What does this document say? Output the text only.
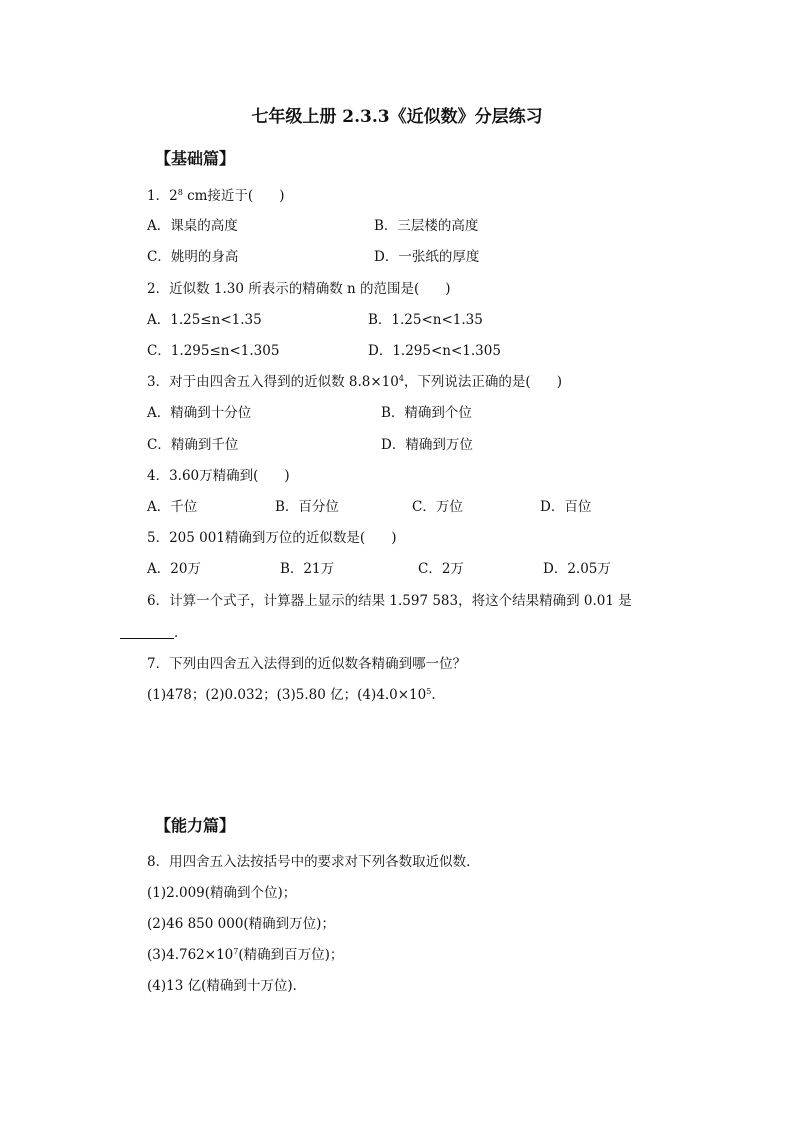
七年级上册 2.3.3《近似数》分层练习
【基础篇】
1．$2^8$ cm接近于( )
A．课桌的高度	B．三层楼的高度
C．姚明的身高	D．一张纸的厚度
2．近似数 1.30 所表示的精确数 n 的范围是( )
A．1.25≤n<1.35	B．1.25<n<1.35
C．1.295≤n<1.305	D．1.295<n<1.305
3．对于由四舍五入得到的近似数 $8.8\times 10^4$，下列说法正确的是( )
A．精确到十分位	B．精确到个位
C．精确到千位	D．精确到万位
4．3.60万精确到( )
A．千位	B．百分位	C．万位	D．百位
5．205 001精确到万位的近似数是( )
A．20万	B．21万	C．2万	D．2.05万
6．计算一个式子，计算器上显示的结果 1.597 583，将这个结果精确到 0.01 是
．
7．下列由四舍五入法得到的近似数各精确到哪一位？
(1)478；(2)0.032；(3)5.80 亿；$(4)4.0\times 10^5$.
【能力篇】
8．用四舍五入法按括号中的要求对下列各数取近似数．
(1)2.009(精确到个位)；
(2)46 850 000(精确到万位)；
$(3)4.762\times 10^7$(精确到百万位)；
(4)13 亿(精确到十万位)．
